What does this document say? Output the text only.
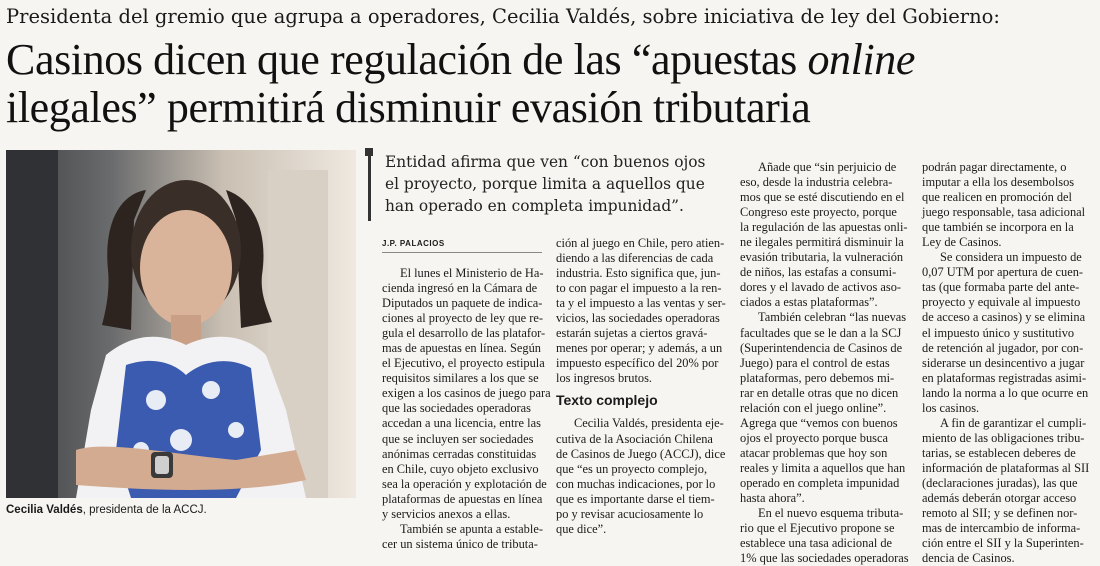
Presidenta del gremio que agrupa a operadores, Cecilia Valdés, sobre iniciativa de ley del Gobierno:

Casinos dicen que regulación de las “apuestas online

ilegales” permitirá disminuir evasión tributaria

DAVID VELÁSQUEZ
Cecilia Valdés, presidenta de la ACCJ.

Entidad afirma que ven “con buenos ojos

el proyecto, porque limita a aquellos que

han operado en completa impunidad”.

J.P. PALACIOS
El lunes el Ministerio de Ha-
cienda ingresó en la Cámara de
Diputados un paquete de indica-
ciones al proyecto de ley que re-
gula el desarrollo de las platafor-
mas de apuestas en línea. Según
el Ejecutivo, el proyecto estipula
requisitos similares a los que se
exigen a los casinos de juego para
que las sociedades operadoras
accedan a una licencia, entre las
que se incluyen ser sociedades
anónimas cerradas constituidas
en Chile, cuyo objeto exclusivo
sea la operación y explotación de
plataformas de apuestas en línea
y servicios anexos a ellas.
También se apunta a estable-
cer un sistema único de tributa-
ción al juego en Chile, pero atien-
diendo a las diferencias de cada
industria. Esto significa que, jun-
to con pagar el impuesto a la ren-
ta y el impuesto a las ventas y ser-
vicios, las sociedades operadoras
estarán sujetas a ciertos gravá-
menes por operar; y además, a un
impuesto específico del 20% por
los ingresos brutos.
Texto complejo
Cecilia Valdés, presidenta eje-
cutiva de la Asociación Chilena
de Casinos de Juego (ACCJ), dice
que “es un proyecto complejo,
con muchas indicaciones, por lo
que es importante darse el tiem-
po y revisar acuciosamente lo
que dice”.
Añade que “sin perjuicio de
eso, desde la industria celebra-
mos que se esté discutiendo en el
Congreso este proyecto, porque
la regulación de las apuestas onli-
ne ilegales permitirá disminuir la
evasión tributaria, la vulneración
de niños, las estafas a consumi-
dores y el lavado de activos aso-
ciados a estas plataformas”.
También celebran “las nuevas
facultades que se le dan a la SCJ
(Superintendencia de Casinos de
Juego) para el control de estas
plataformas, pero debemos mi-
rar en detalle otras que no dicen
relación con el juego online”.
Agrega que “vemos con buenos
ojos el proyecto porque busca
atacar problemas que hoy son
reales y limita a aquellos que han
operado en completa impunidad
hasta ahora”.
En el nuevo esquema tributa-
rio que el Ejecutivo propone se
establece una tasa adicional de
1% que las sociedades operadoras
podrán pagar directamente, o
imputar a ella los desembolsos
que realicen en promoción del
juego responsable, tasa adicional
que también se incorpora en la
Ley de Casinos.
Se considera un impuesto de
0,07 UTM por apertura de cuen-
tas (que formaba parte del ante-
proyecto y equivale al impuesto
de acceso a casinos) y se elimina
el impuesto único y sustitutivo
de retención al jugador, por con-
siderarse un desincentivo a jugar
en plataformas registradas asimi-
lando la norma a lo que ocurre en
los casinos.
A fin de garantizar el cumpli-
miento de las obligaciones tribu-
tarias, se establecen deberes de
información de plataformas al SII
(declaraciones juradas), las que
además deberán otorgar acceso
remoto al SII; y se definen nor-
mas de intercambio de informa-
ción entre el SII y la Superinten-
dencia de Casinos.
